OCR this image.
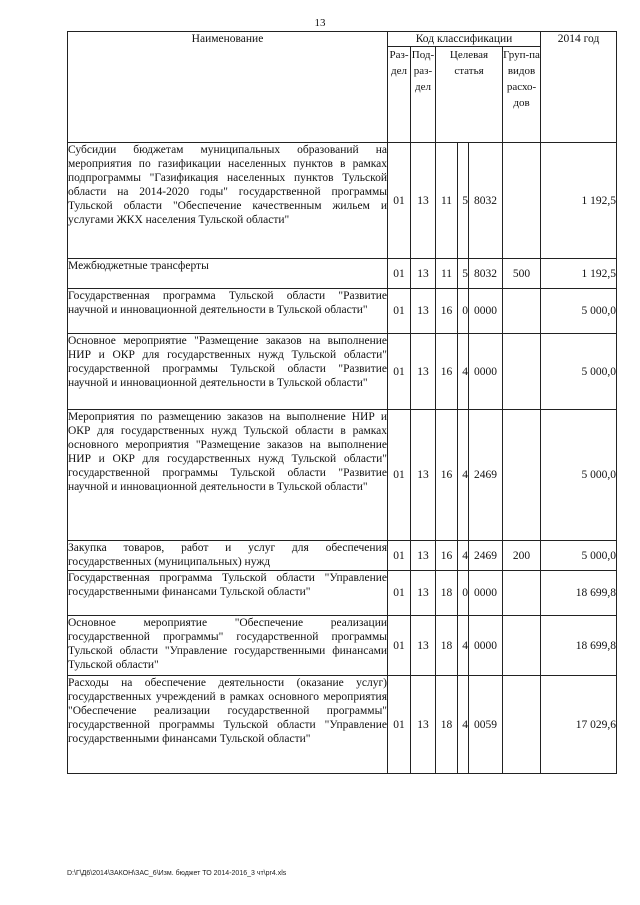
13
Наименование	Код классификации						2014 год
	Раз-дел	Под-раз-дел	Целевая статья			Груп-па видов расхо-дов	
Субсидии бюджетам муниципальных образований на мероприятия по газификации населенных пунктов в рамках подпрограммы "Газификация населенных пунктов Тульской области на 2014-2020 годы" государственной программы Тульской области "Обеспечение качественным жильем и услугами ЖКХ населения Тульской области"	01	13	11	5	8032		1 192,5
Межбюджетные трансферты	01	13	11	5	8032	500	1 192,5
Государственная программа Тульской области "Развитие научной и инновационной деятельности в Тульской области"	01	13	16	0	0000		5 000,0
Основное мероприятие "Размещение заказов на выполнение НИР и ОКР для государственных нужд Тульской области" государственной программы Тульской области "Развитие научной и инновационной деятельности в Тульской области"	01	13	16	4	0000		5 000,0
Мероприятия по размещению заказов на выполнение НИР и ОКР для государственных нужд Тульской области в рамках основного мероприятия "Размещение заказов на выполнение НИР и ОКР для государственных нужд Тульской области" государственной программы Тульской области "Развитие научной и инновационной деятельности в Тульской области"	01	13	16	4	2469		5 000,0
Закупка товаров, работ и услуг для обеспечения государственных (муниципальных) нужд	01	13	16	4	2469	200	5 000,0
Государственная программа Тульской области "Управление государственными финансами Тульской области"	01	13	18	0	0000		18 699,8
Основное мероприятие "Обеспечение реализации государственной программы" государственной программы Тульской области "Управление государственными финансами Тульской области"	01	13	18	4	0000		18 699,8
Расходы на обеспечение деятельности (оказание услуг) государственных учреждений в рамках основного мероприятия "Обеспечение реализации государственной программы" государственной программы Тульской области "Управление государственными финансами Тульской области"	01	13	18	4	0059		17 029,6
D:\Г\Д6\2014\ЗАКОН\ЗАС_6\Изм. бюджет ТО 2014-2016_3 чт\pr4.xls
